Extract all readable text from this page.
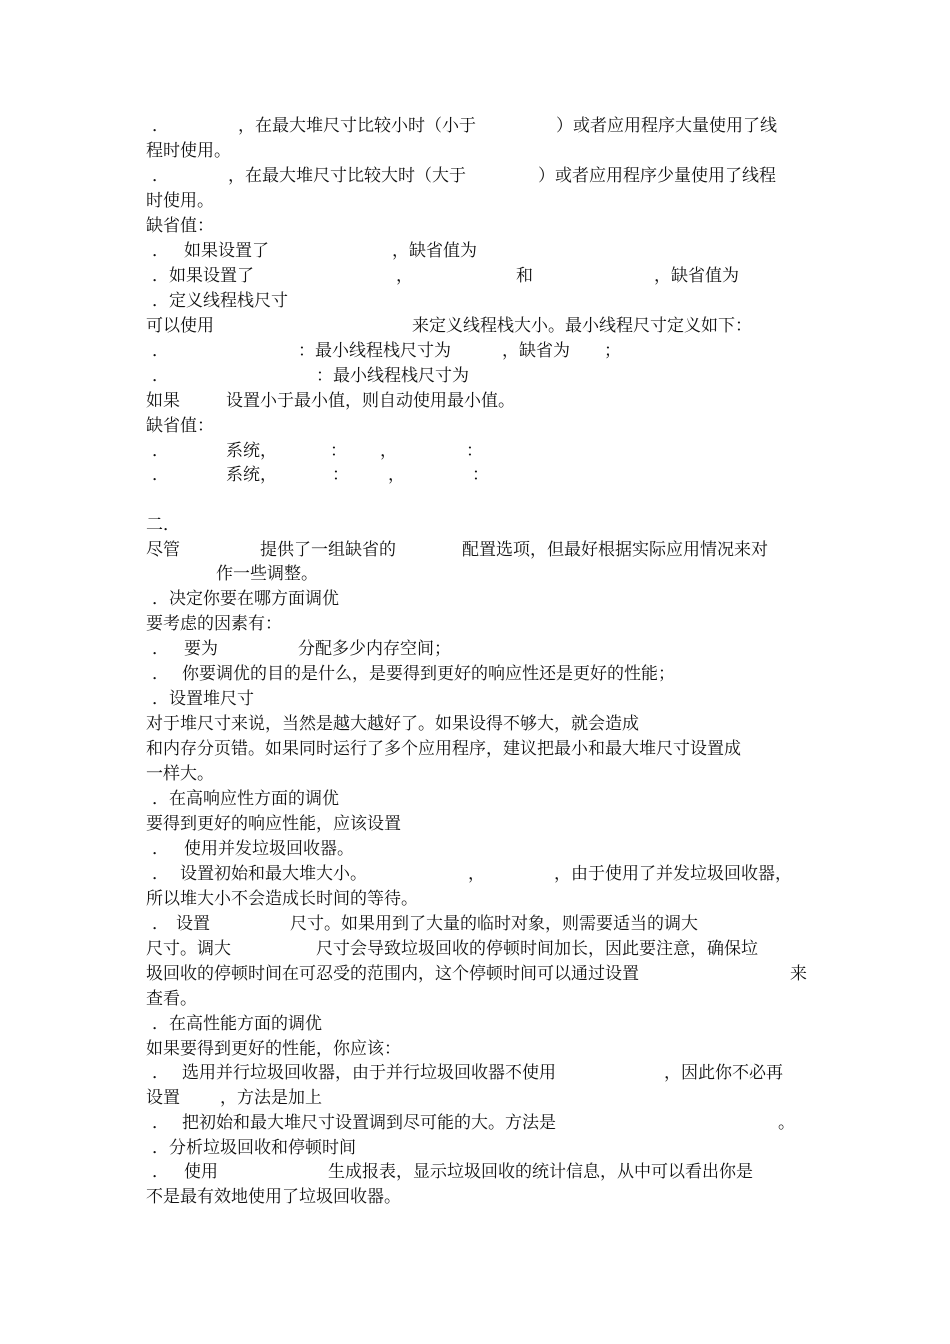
．

	，在最大堆尺寸比较小时（小于

	）或者应用程序大量使用了线

程时使用。

．

	，在最大堆尺寸比较大时（大于

	）或者应用程序少量使用了线程

时使用。

缺省值：

．

如果设置了

	，缺省值为

．如果设置了

	，

	和

	，缺省值为

．定义线程栈尺寸

可以使用

	来定义线程栈大小。最小线程尺寸定义如下：

．

	：最小线程栈尺寸为

	，缺省为

；

．

	：最小线程栈尺寸为

如果

	设置小于最小值，则自动使用最小值。

缺省值：

．

	系统，

	：

，

	：

．

	系统，

	：

，

	：

二．

尽管

	提供了一组缺省的

	配置选项，但最好根据实际应用情况来对

作一些调整。

．决定你要在哪方面调优

要考虑的因素有：

．

要为

	分配多少内存空间；

．

你要调优的目的是什么，是要得到更好的响应性还是更好的性能；

．设置堆尺寸

对于堆尺寸来说，当然是越大越好了。如果设得不够大，就会造成

和内存分页错。如果同时运行了多个应用程序，建议把最小和最大堆尺寸设置成

一样大。

．在高响应性方面的调优

要得到更好的响应性能，应该设置

．

使用并发垃圾回收器。

．

设置初始和最大堆大小。

	，

	，由于使用了并发垃圾回收器，

所以堆大小不会造成长时间的等待。

．

设置

	尺寸。如果用到了大量的临时对象，则需要适当的调大

尺寸。调大

	尺寸会导致垃圾回收的停顿时间加长，因此要注意，确保垃

圾回收的停顿时间在可忍受的范围内，这个停顿时间可以通过设置

	来

查看。

．在高性能方面的调优

如果要得到更好的性能，你应该：

．

选用并行垃圾回收器，由于并行垃圾回收器不使用

	，因此你不必再

设置

，方法是加上

．

把初始和最大堆尺寸设置调到尽可能的大。方法是

	。

．分析垃圾回收和停顿时间

．

使用

	生成报表，显示垃圾回收的统计信息，从中可以看出你是

不是最有效地使用了垃圾回收器。
